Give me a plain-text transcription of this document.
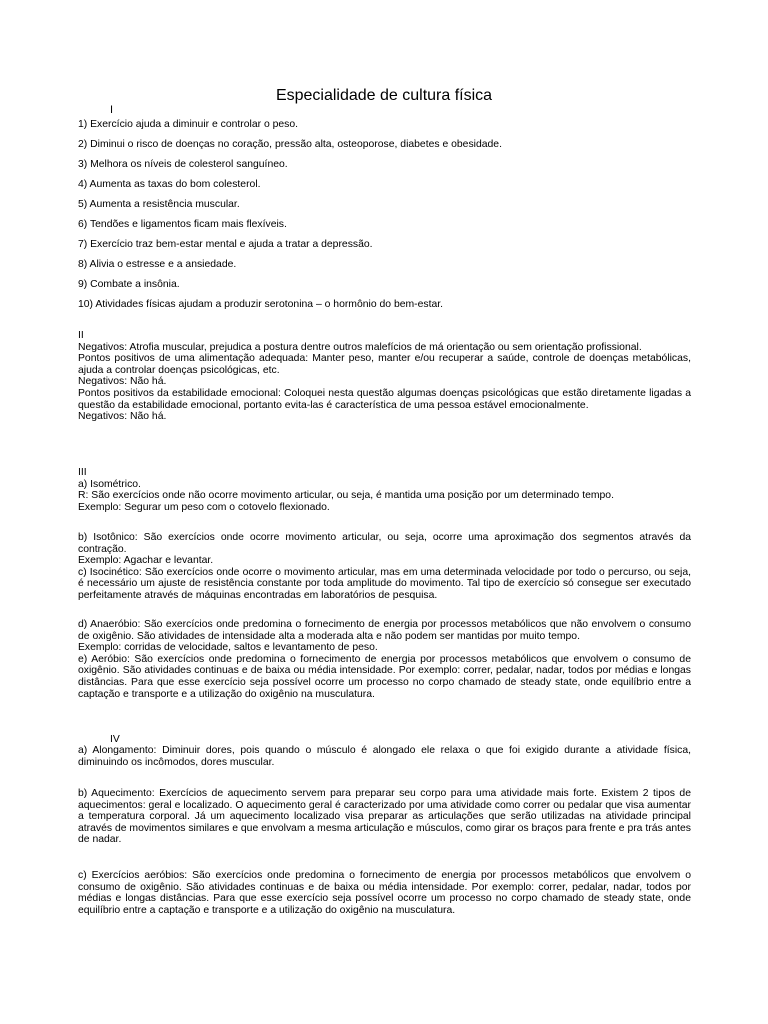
Especialidade de cultura física
I
1) Exercício ajuda a diminuir e controlar o peso.
2) Diminui o risco de doenças no coração, pressão alta, osteoporose, diabetes e obesidade.
3) Melhora os níveis de colesterol sanguíneo.
4) Aumenta as taxas do bom colesterol.
5) Aumenta a resistência muscular.
6) Tendões e ligamentos ficam mais flexíveis.
7) Exercício traz bem-estar mental e ajuda a tratar a depressão.
8) Alivia o estresse e a ansiedade.
9) Combate a insônia.
10) Atividades físicas ajudam a produzir serotonina – o hormônio do bem-estar.

II

Negativos: Atrofia muscular, prejudica a postura dentre outros malefícios de má orientação ou sem orientação profissional.

Pontos positivos de uma alimentação adequada: Manter peso, manter e/ou recuperar a saúde, controle de doenças metabólicas, ajuda a controlar doenças psicológicas, etc.

Negativos: Não há.

Pontos positivos da estabilidade emocional: Coloquei nesta questão algumas doenças psicológicas que estão diretamente ligadas a questão da estabilidade emocional, portanto evita-las é característica de uma pessoa estável emocionalmente.

Negativos: Não há.

III

a) Isométrico.

R: São exercícios onde não ocorre movimento articular, ou seja, é mantida uma posição por um determinado tempo.

Exemplo: Segurar um peso com o cotovelo flexionado.

b) Isotônico: São exercícios onde ocorre movimento articular, ou seja, ocorre uma aproximação dos segmentos através da contração.

Exemplo: Agachar e levantar.

c) Isocinético: São exercícios onde ocorre o movimento articular, mas em uma determinada velocidade por todo o percurso, ou seja, é necessário um ajuste de resistência constante por toda amplitude do movimento. Tal tipo de exercício só consegue ser executado perfeitamente através de máquinas encontradas em laboratórios de pesquisa.

d) Anaeróbio: São exercícios onde predomina o fornecimento de energia por processos metabólicos que não envolvem o consumo de oxigênio. São atividades de intensidade alta a moderada alta e não podem ser mantidas por muito tempo.

Exemplo: corridas de velocidade, saltos e levantamento de peso.

e) Aeróbio: São exercícios onde predomina o fornecimento de energia por processos metabólicos que envolvem o consumo de oxigênio. São atividades continuas e de baixa ou média intensidade. Por exemplo: correr, pedalar, nadar, todos por médias e longas distâncias. Para que esse exercício seja possível ocorre um processo no corpo chamado de steady state, onde equilíbrio entre a captação e transporte e a utilização do oxigênio na musculatura.

IV

a) Alongamento: Diminuir dores, pois quando o músculo é alongado ele relaxa o que foi exigido durante a atividade física, diminuindo os incômodos, dores muscular.

b) Aquecimento: Exercícios de aquecimento servem para preparar seu corpo para uma atividade mais forte. Existem 2 tipos de aquecimentos: geral e localizado. O aquecimento geral é caracterizado por uma atividade como correr ou pedalar que visa aumentar a temperatura corporal. Já um aquecimento localizado visa preparar as articulações que serão utilizadas na atividade principal através de movimentos similares e que envolvam a mesma articulação e músculos, como girar os braços para frente e pra trás antes de nadar.

c) Exercícios aeróbios: São exercícios onde predomina o fornecimento de energia por processos metabólicos que envolvem o consumo de oxigênio. São atividades continuas e de baixa ou média intensidade. Por exemplo: correr, pedalar, nadar, todos por médias e longas distâncias. Para que esse exercício seja possível ocorre um processo no corpo chamado de steady state, onde equilíbrio entre a captação e transporte e a utilização do oxigênio na musculatura.
